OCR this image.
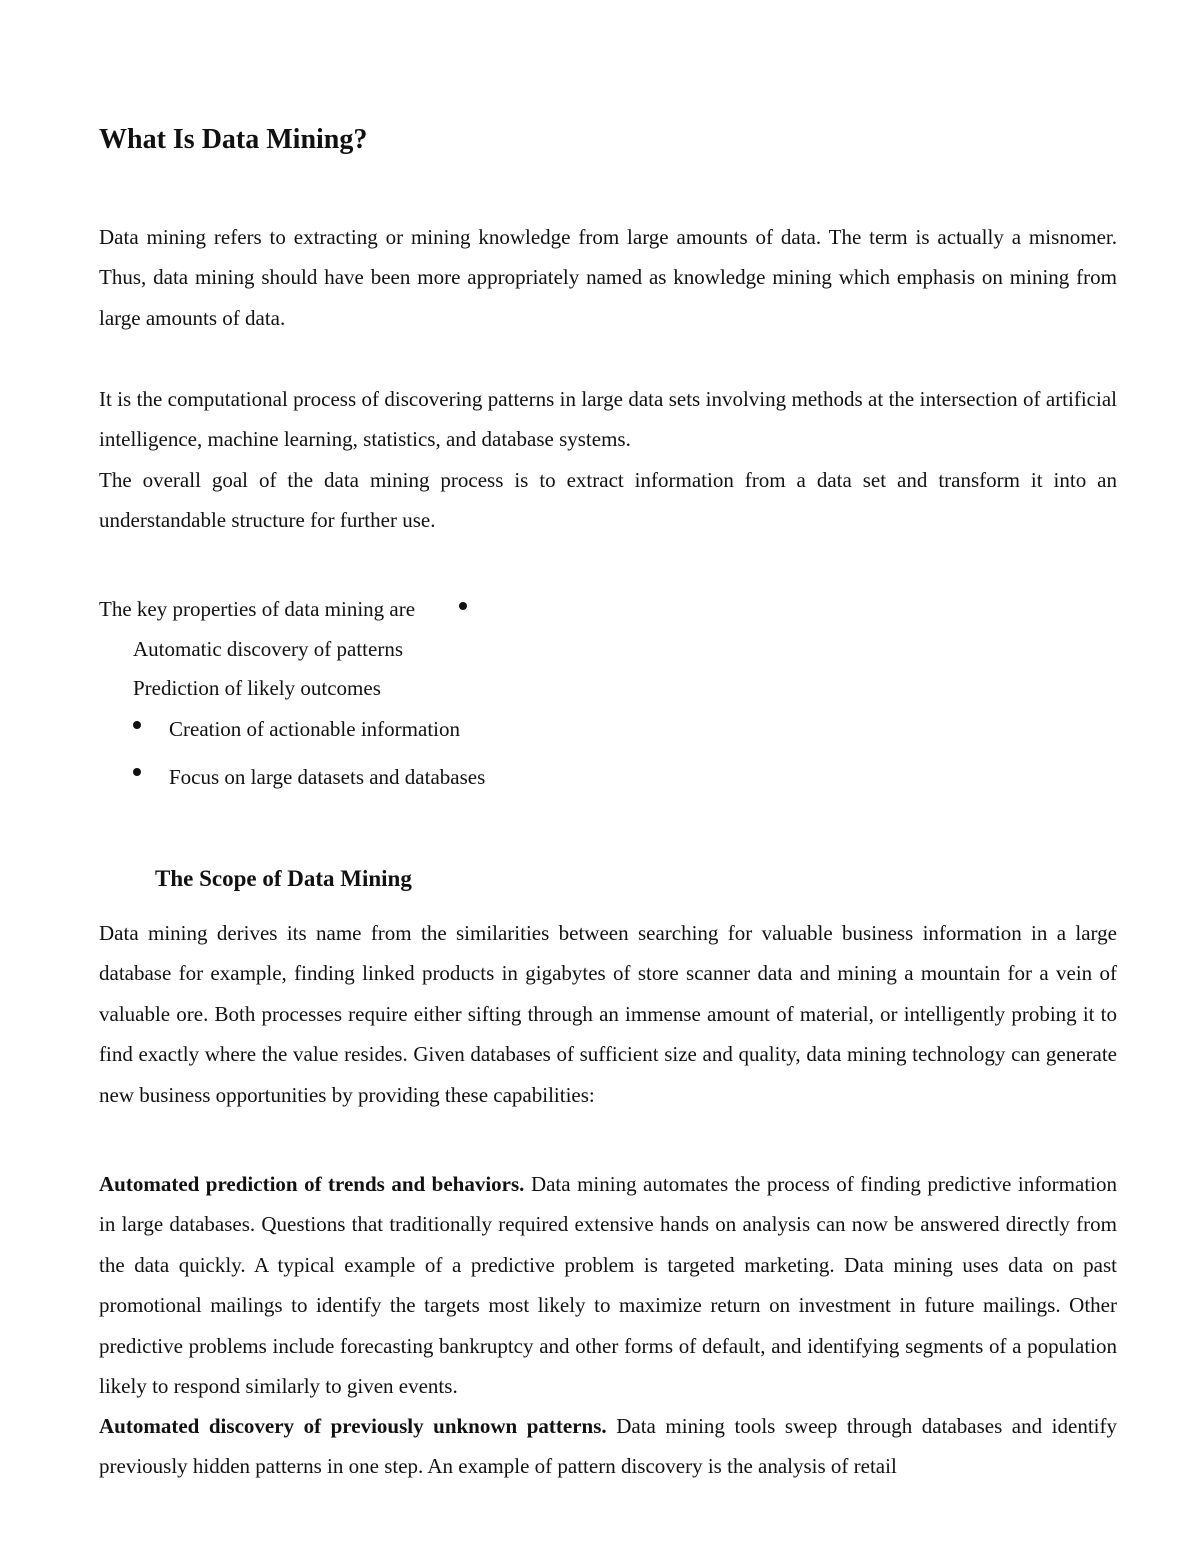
What Is Data Mining?

Data mining refers to extracting or mining knowledge from large amounts of data. The term is actually a misnomer. Thus, data mining should have been more appropriately named as knowledge mining which emphasis on mining from large amounts of data.

It is the computational process of discovering patterns in large data sets involving methods at the intersection of artificial intelligence, machine learning, statistics, and database systems.

The overall goal of the data mining process is to extract information from a data set and transform it into an understandable structure for further use.

The key properties of data mining are

Automatic discovery of patterns

Prediction of likely outcomes

Creation of actionable information

Focus on large datasets and databases

The Scope of Data Mining

Data mining derives its name from the similarities between searching for valuable business information in a large database for example, finding linked products in gigabytes of store scanner data and mining a mountain for a vein of valuable ore. Both processes require either sifting through an immense amount of material, or intelligently probing it to find exactly where the value resides. Given databases of sufficient size and quality, data mining technology can generate new business opportunities by providing these capabilities:

Automated prediction of trends and behaviors. Data mining automates the process of finding predictive information in large databases. Questions that traditionally required extensive hands on analysis can now be answered directly from the data quickly. A typical example of a predictive problem is targeted marketing. Data mining uses data on past promotional mailings to identify the targets most likely to maximize return on investment in future mailings. Other predictive problems include forecasting bankruptcy and other forms of default, and identifying segments of a population likely to respond similarly to given events.

Automated discovery of previously unknown patterns. Data mining tools sweep through databases and identify previously hidden patterns in one step. An example of pattern discovery is the analysis of retail
